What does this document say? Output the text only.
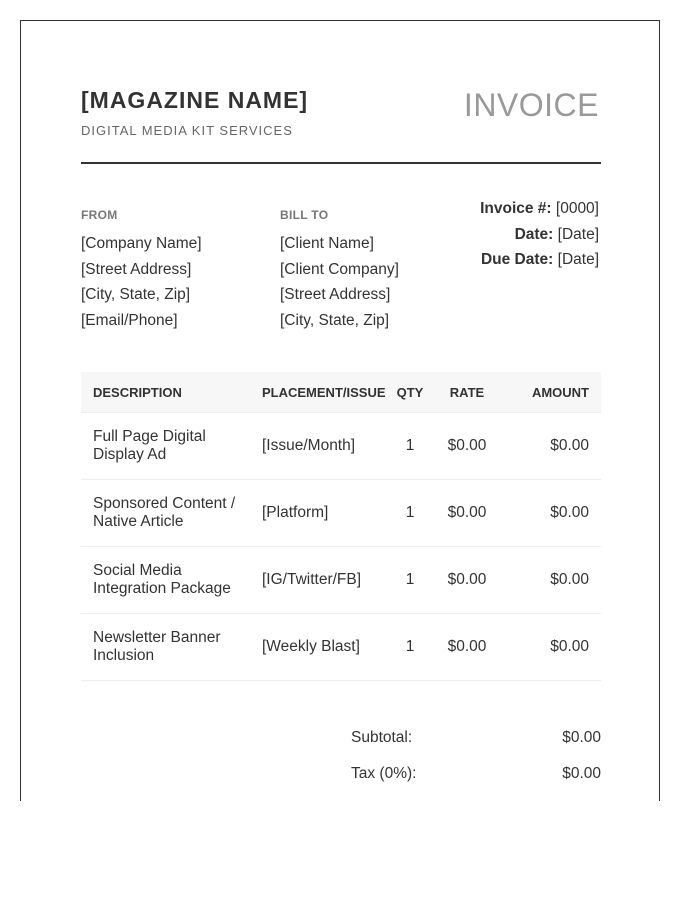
[MAGAZINE NAME]
DIGITAL MEDIA KIT SERVICES
INVOICE
FROM
[Company Name]
[Street Address]
[City, State, Zip]
[Email/Phone]
BILL TO
[Client Name]
[Client Company]
[Street Address]
[City, State, Zip]
Invoice #: [0000]
Date: [Date]
Due Date: [Date]
DESCRIPTION	PLACEMENT/ISSUE	QTY	RATE	AMOUNT

Full Page Digital Display Ad	[Issue/Month]	1	$0.00	$0.00

Sponsored Content / Native Article	[Platform]	1	$0.00	$0.00

Social Media Integration Package	[IG/Twitter/FB]	1	$0.00	$0.00

Newsletter Banner Inclusion	[Weekly Blast]	1	$0.00	$0.00
Subtotal:	$0.00
Tax (0%):	$0.00
